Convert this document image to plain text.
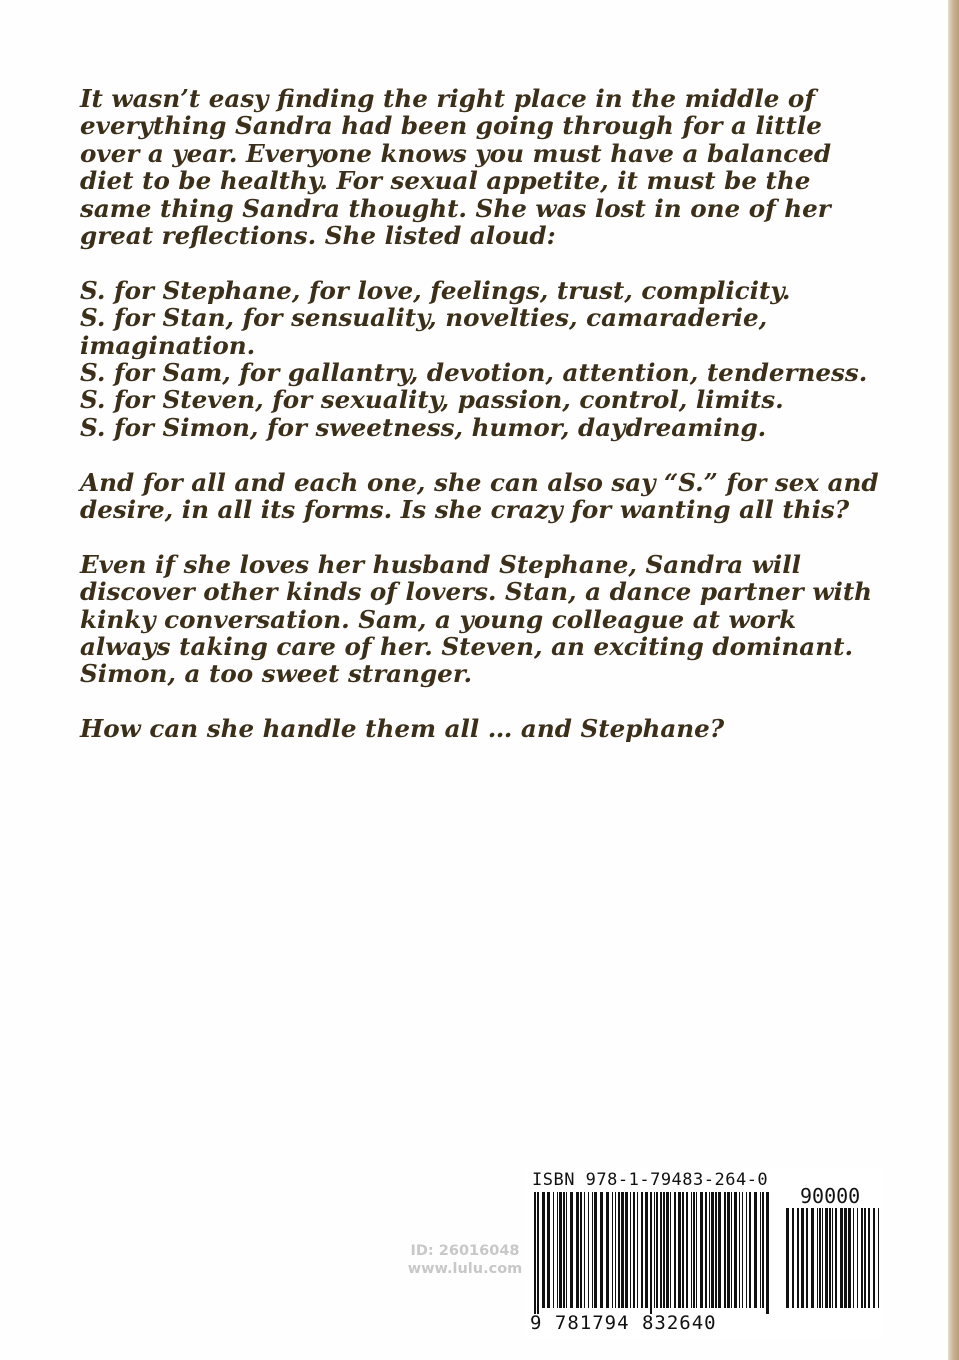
It wasn’t easy finding the right place in the middle of everything Sandra had been going through for a little over a year. Everyone knows you must have a balanced diet to be healthy. For sexual appetite, it must be the same thing Sandra thought. She was lost in one of her great reflections. She listed aloud:

S. for Stephane, for love, feelings, trust, complicity.

S. for Stan, for sensuality, novelties, camaraderie, imagination.

S. for Sam, for gallantry, devotion, attention, tenderness.

S. for Steven, for sexuality, passion, control, limits.

S. for Simon, for sweetness, humor, daydreaming.

And for all and each one, she can also say “S.” for sex and desire, in all its forms. Is she crazy for wanting all this?

Even if she loves her husband Stephane, Sandra will discover other kinds of lovers. Stan, a dance partner with kinky conversation. Sam, a young colleague at work always taking care of her. Steven, an exciting dominant. Simon, a too sweet stranger.

How can she handle them all … and Stephane?

ID: 26016048
www.lulu.com
ISBN 978-1-79483-264-0
90000
9 781794 832640
